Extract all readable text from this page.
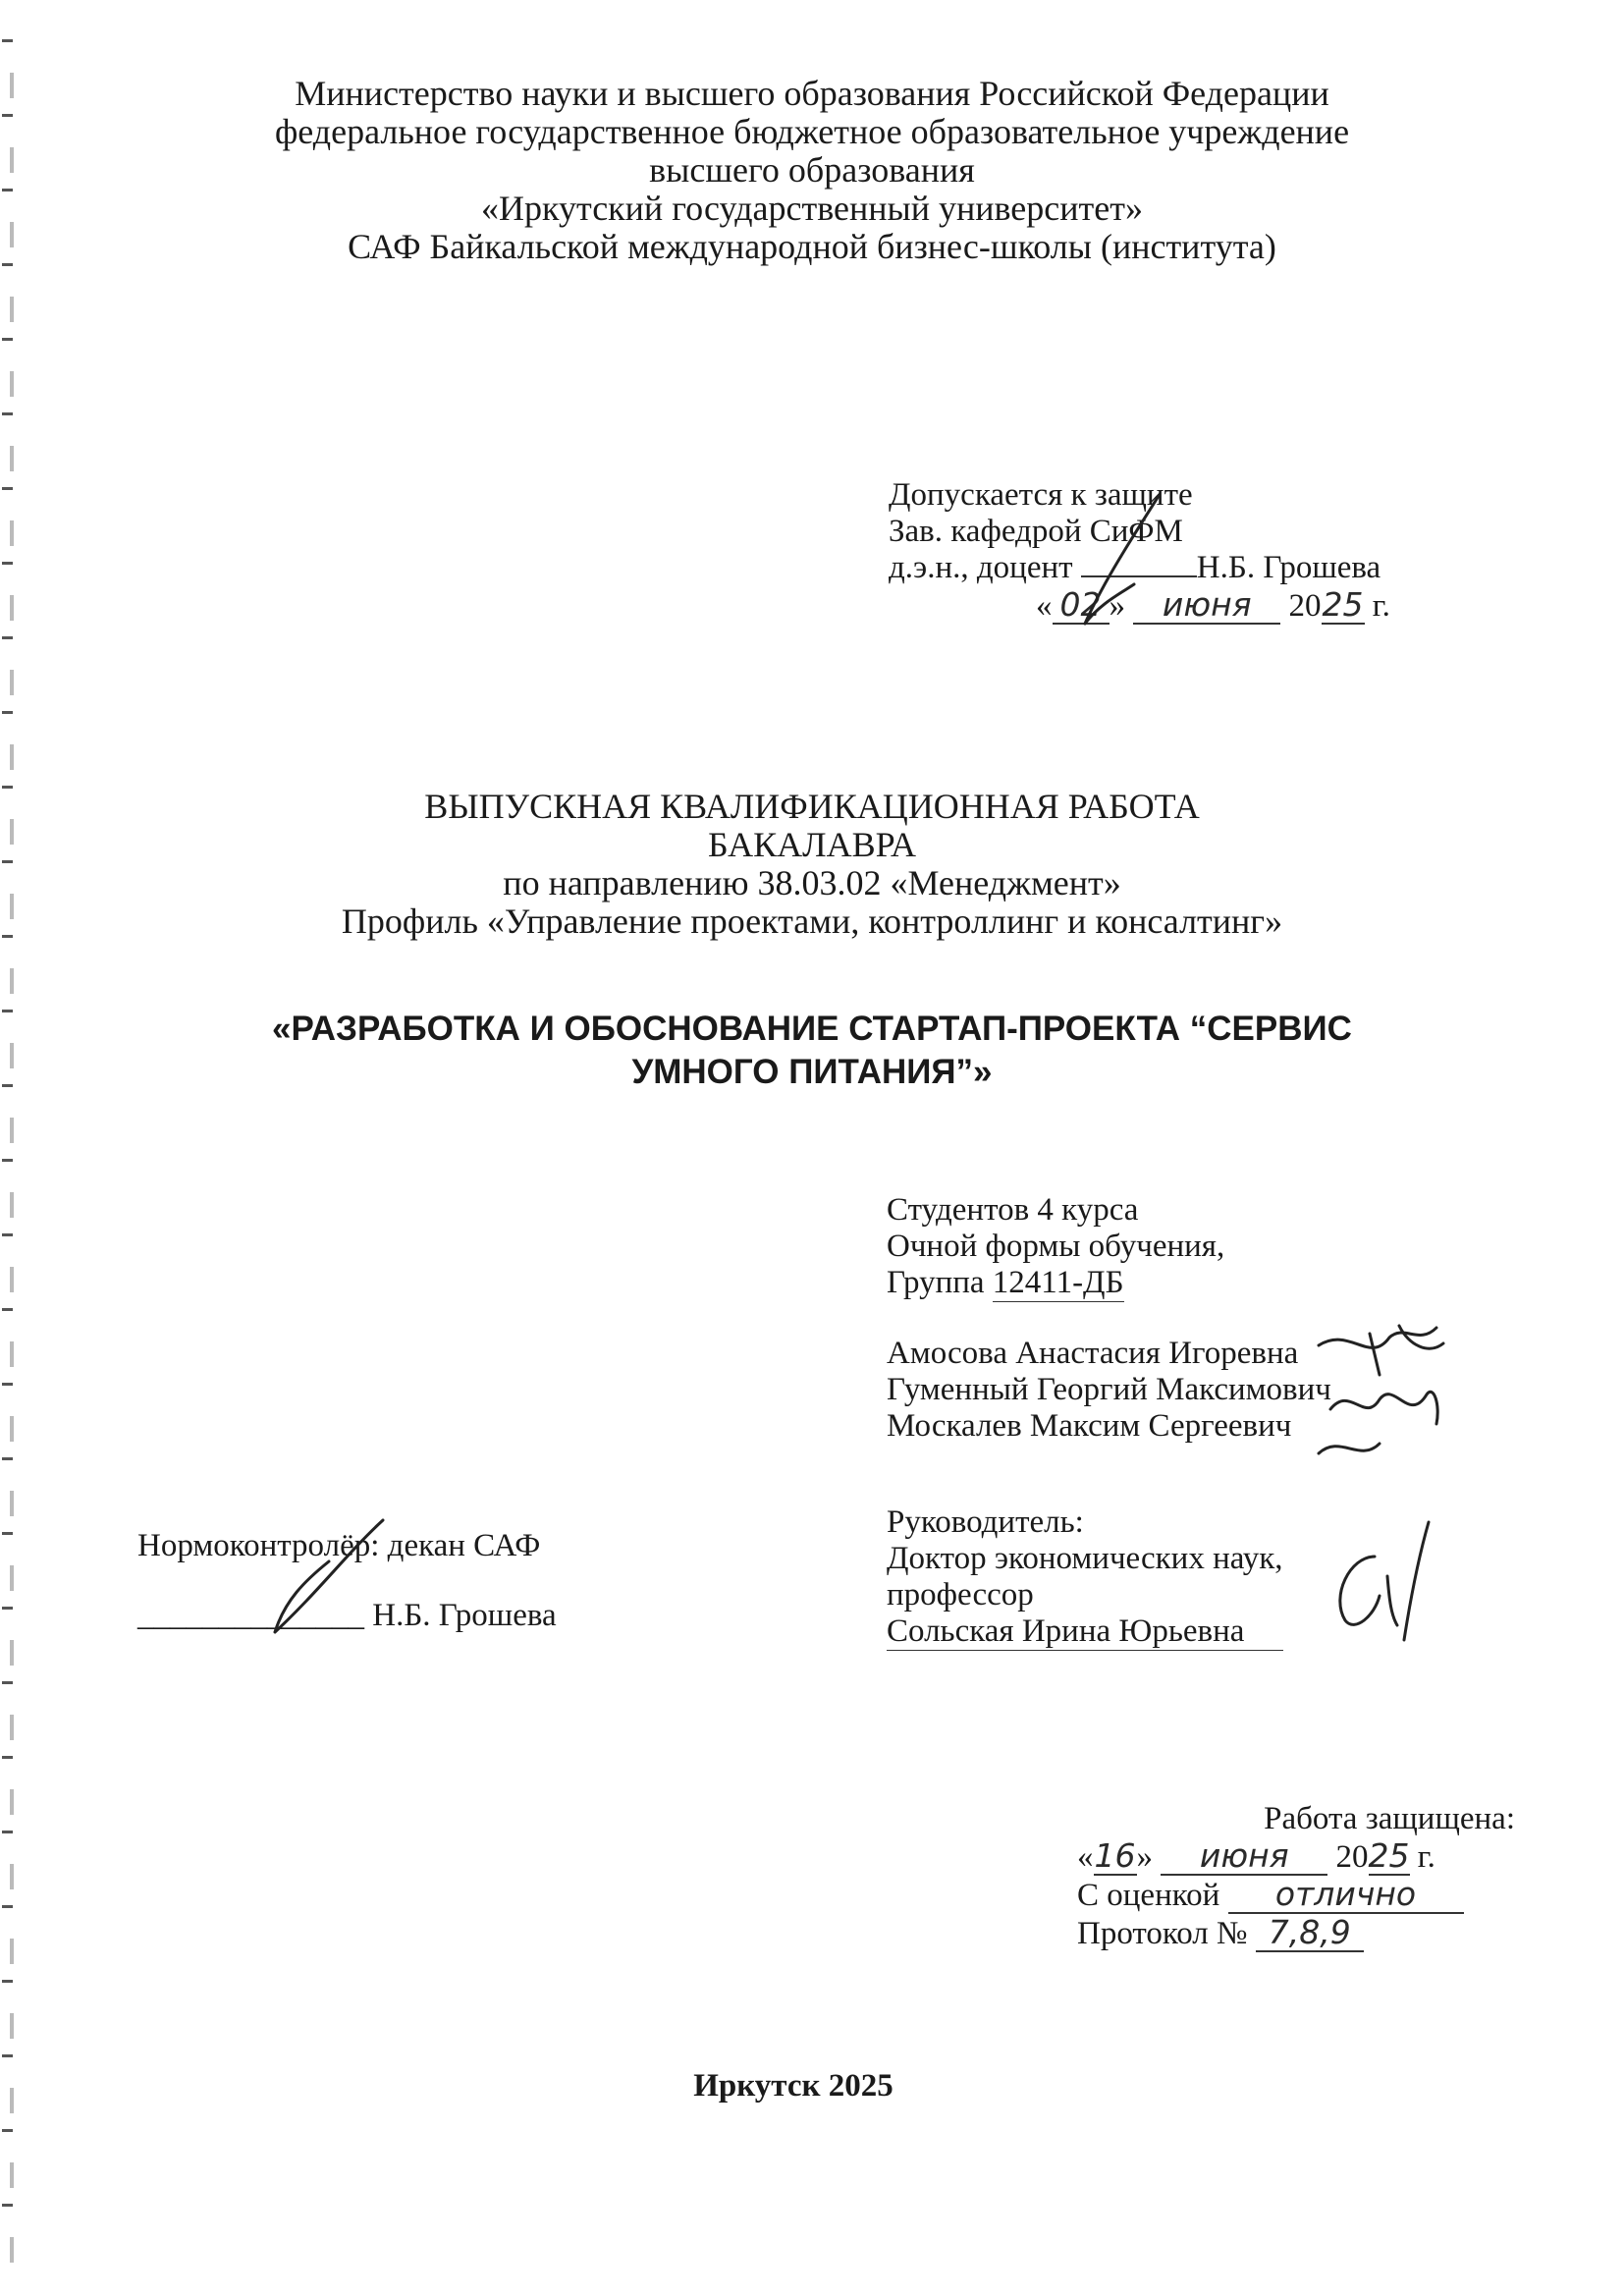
Министерство науки и высшего образования Российской Федерации
федеральное государственное бюджетное образовательное учреждение
высшего образования
«Иркутский государственный университет»
САФ Байкальской международной бизнес-школы (института)
Допускается к защите
Зав. кафедрой СиФМ
д.э.н., доцент	Н.Б. Грошева
« 02 » июня 2025 г.
ВЫПУСКНАЯ КВАЛИФИКАЦИОННАЯ РАБОТА
БАКАЛАВРА
по направлению 38.03.02 «Менеджмент»
Профиль «Управление проектами, контроллинг и консалтинг»
«РАЗРАБОТКА И ОБОСНОВАНИЕ СТАРТАП-ПРОЕКТА “СЕРВИС
УМНОГО ПИТАНИЯ”»
Студентов 4 курса
Очной формы обучения,
Группа 12411-ДБ
Амосова Анастасия Игоревна
Гуменный Георгий Максимович
Москалев Максим Сергеевич
Нормоконтролёр: декан САФ
______________ Н.Б. Грошева
Руководитель:
Доктор экономических наук,
профессор
Сольская Ирина Юрьевна
Работа защищена:
«16» июня 2025 г.
С оценкой отлично
Протокол № 7,8,9
Иркутск 2025
